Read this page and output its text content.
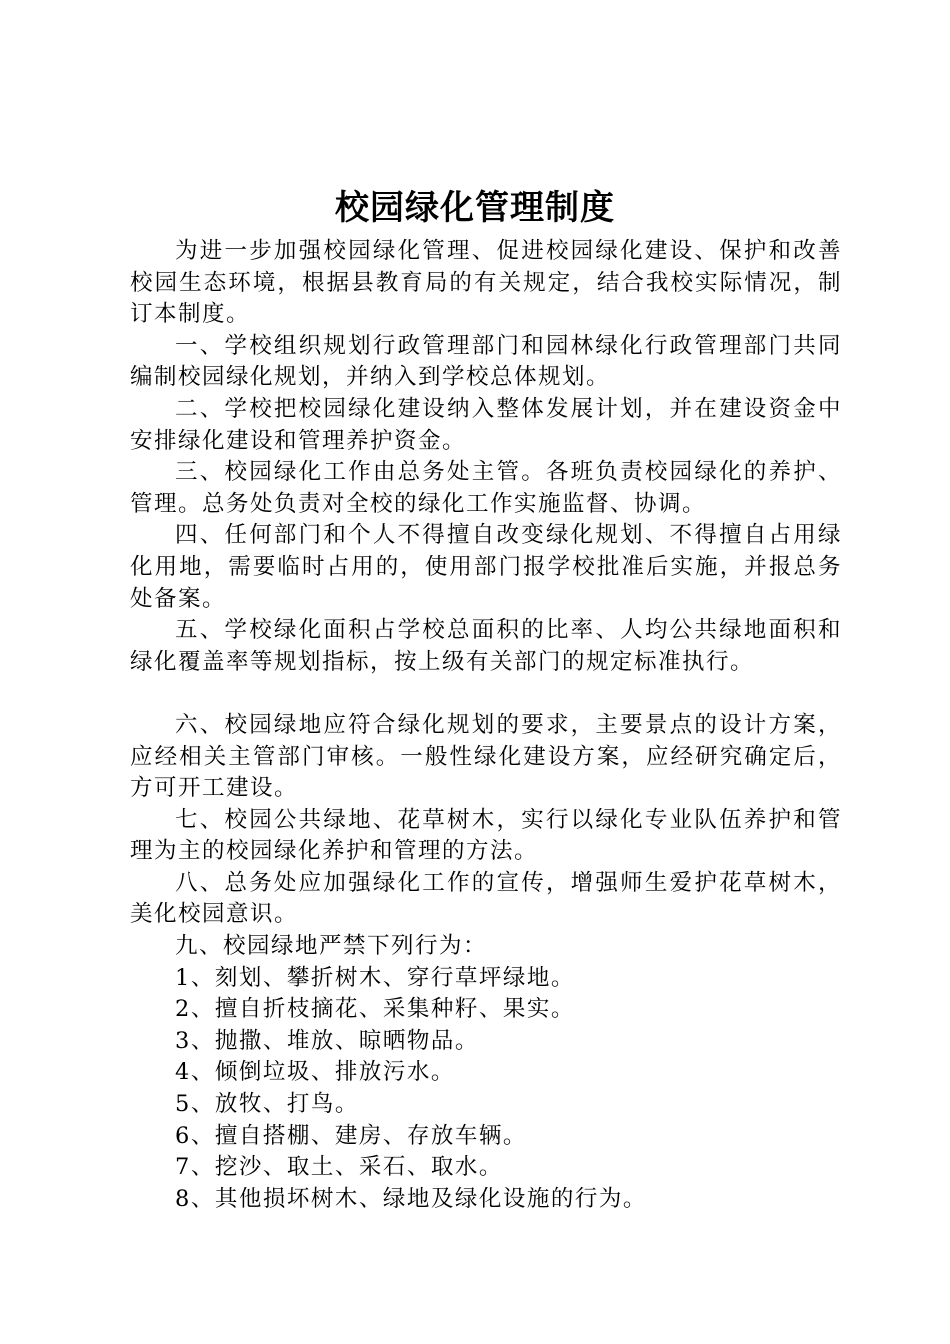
校园绿化管理制度

为进一步加强校园绿化管理、促进校园绿化建设、保护和改善校园生态环境，根据县教育局的有关规定，结合我校实际情况，制订本制度。

一、学校组织规划行政管理部门和园林绿化行政管理部门共同编制校园绿化规划，并纳入到学校总体规划。

二、学校把校园绿化建设纳入整体发展计划，并在建设资金中安排绿化建设和管理养护资金。

三、校园绿化工作由总务处主管。各班负责校园绿化的养护、管理。总务处负责对全校的绿化工作实施监督、协调。

四、任何部门和个人不得擅自改变绿化规划、不得擅自占用绿化用地，需要临时占用的，使用部门报学校批准后实施，并报总务处备案。

五、学校绿化面积占学校总面积的比率、人均公共绿地面积和绿化覆盖率等规划指标，按上级有关部门的规定标准执行。

六、校园绿地应符合绿化规划的要求，主要景点的设计方案，应经相关主管部门审核。一般性绿化建设方案，应经研究确定后，方可开工建设。

七、校园公共绿地、花草树木，实行以绿化专业队伍养护和管理为主的校园绿化养护和管理的方法。

八、总务处应加强绿化工作的宣传，增强师生爱护花草树木，美化校园意识。

九、校园绿地严禁下列行为：

1、刻划、攀折树木、穿行草坪绿地。

2、擅自折枝摘花、采集种籽、果实。

3、抛撒、堆放、晾晒物品。

4、倾倒垃圾、排放污水。

5、放牧、打鸟。

6、擅自搭棚、建房、存放车辆。

7、挖沙、取土、采石、取水。

8、其他损坏树木、绿地及绿化设施的行为。
